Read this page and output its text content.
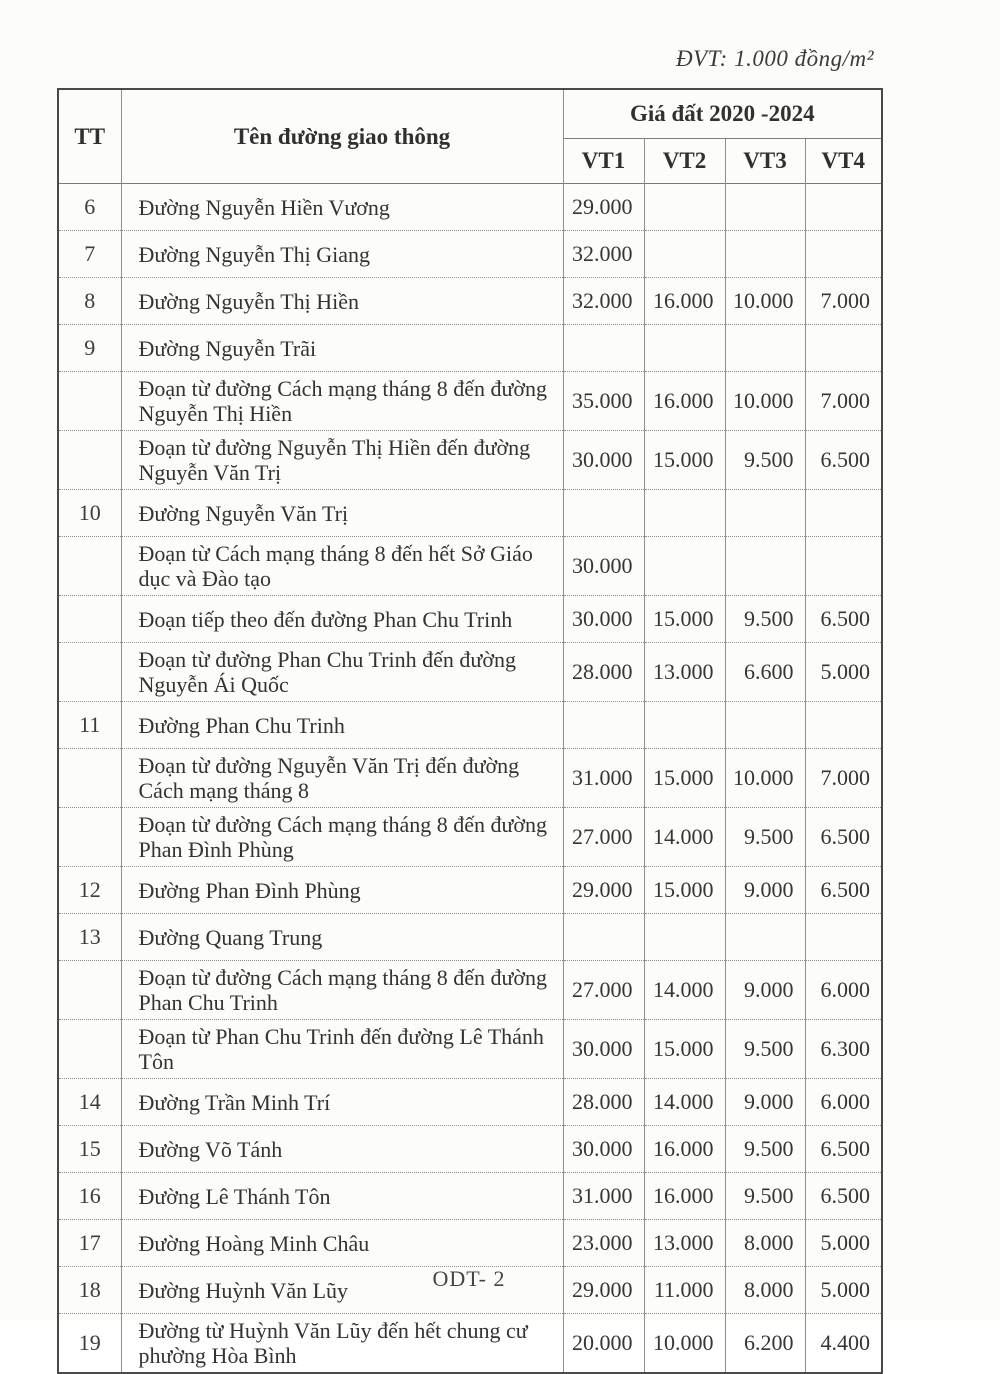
ĐVT: 1.000 đồng/m²
TT	Tên đường giao thông	Giá đất 2020 -2024			
		VT1	VT2	VT3	VT4
6	Đường Nguyễn Hiền Vương	29.000			
7	Đường Nguyễn Thị Giang	32.000			
8	Đường Nguyễn Thị Hiền	32.000	16.000	10.000	7.000
9	Đường Nguyễn Trãi				
	Đoạn từ đường Cách mạng tháng 8 đến đường Nguyễn Thị Hiền	35.000	16.000	10.000	7.000
	Đoạn từ đường Nguyễn Thị Hiền đến đường Nguyễn Văn Trị	30.000	15.000	9.500	6.500
10	Đường Nguyễn Văn Trị				
	Đoạn từ Cách mạng tháng 8 đến hết Sở Giáo dục và Đào tạo	30.000			
	Đoạn tiếp theo đến đường Phan Chu Trinh	30.000	15.000	9.500	6.500
	Đoạn từ đường Phan Chu Trinh đến đường Nguyễn Ái Quốc	28.000	13.000	6.600	5.000
11	Đường Phan Chu Trinh				
	Đoạn từ đường Nguyễn Văn Trị đến đường Cách mạng tháng 8	31.000	15.000	10.000	7.000
	Đoạn từ đường Cách mạng tháng 8 đến đường Phan Đình Phùng	27.000	14.000	9.500	6.500
12	Đường Phan Đình Phùng	29.000	15.000	9.000	6.500
13	Đường Quang Trung				
	Đoạn từ đường Cách mạng tháng 8 đến đường Phan Chu Trinh	27.000	14.000	9.000	6.000
	Đoạn từ Phan Chu Trinh đến đường Lê Thánh Tôn	30.000	15.000	9.500	6.300
14	Đường Trần Minh Trí	28.000	14.000	9.000	6.000
15	Đường Võ Tánh	30.000	16.000	9.500	6.500
16	Đường Lê Thánh Tôn	31.000	16.000	9.500	6.500
17	Đường Hoàng Minh Châu	23.000	13.000	8.000	5.000
18	Đường Huỳnh Văn Lũy	29.000	11.000	8.000	5.000
19	Đường từ Huỳnh Văn Lũy đến hết chung cư phường Hòa Bình	20.000	10.000	6.200	4.400
ODT- 2
